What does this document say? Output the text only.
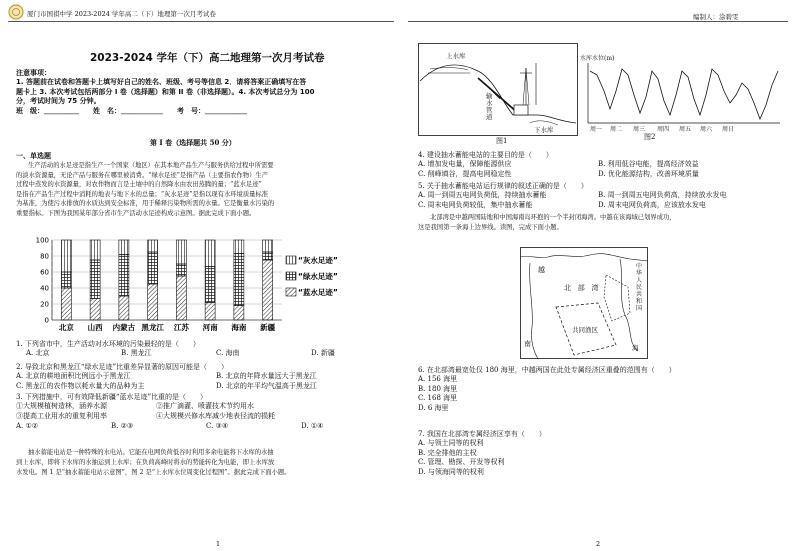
厦门市国祺中学 2023-2024 学年高二（下）地理第一次月考试卷	编制人：涂碧雯
2023-2024 学年（下）高二地理第一次月考试卷
注意事项：
1. 答题前在试卷和答题卡上填写好自己的姓名、班级、考号等信息 2．请将答案正确填写在答
题卡上 3. 本次考试包括两部分 I 卷（选择题）和第 II 卷（非选择题）。4. 本次考试总分为 100
分，考试时间为 75 分钟。
班　级：＿＿＿＿＿　　姓　名：＿＿＿＿＿＿　　考　号：＿＿＿＿＿＿
第 I 卷（选择题共 50 分）
一、单选题
生产活动的水足迹是指生产一个国家（地区）在其本地产品生产与服务供给过程中所需要
的淡水资源量，无论产品与服务在哪里被消费。“绿水足迹”是指产品（主要指农作物）生产
过程中蒸发的水资源量，对农作物而言是土壤中的自然降水由农田蒸腾的量；“蓝水足迹”
是指在产品生产过程中消耗的地表与地下水的总量；“灰水足迹”是指以现有水环境质量标准
为基准，为使污水排放的水质达到安全标准，用于稀释污染物所需的水量。它是衡量水污染的
重要指标。下图为我国某年部分省市生产活动水足迹构成示意图。据此完成下面小题。
0
20
40
60
80
100
北京 山西 内蒙古 黑龙江 江苏 河南 海南 新疆
“灰水足迹”
“绿水足迹”
“蓝水足迹”
1. 下列省市中，生产活动对水环境的污染最轻的是（　　）
A. 北京	B. 黑龙江	C. 海南	D. 新疆
2. 导致北京和黑龙江“绿水足迹”比重差异显著的原因可能是（　　）
A. 北京的耕地面积比例远小于黑龙江	B. 北京的年降水量远大于黑龙江
C. 黑龙江的农作物以耗水量大的品种为主	D. 北京的年平均气温高于黑龙江
3. 下列措施中，可有效降低新疆“蓝水足迹”比重的是（　　）
①大规模植树造林，涵养水源	②推广滴灌、喷灌技术节约用水
③提高工业用水的重复利用率	④大规模兴修水库减少地表径流的损耗
A. ①②	B. ②③	C. ③④	D. ①④
抽水蓄能电站是一种特殊的水电站。它能在电网负荷低谷时利用多余电能将下水库的水抽
到上水库，即将下水库的水抽运到上水库；在负荷高峰时将水的势能转化为电能，即上水库放
水发电。图 1 是“抽水蓄能电站示意图”，图 2 是“上水库水位周变化过程图”。据此完成下面小题。
1
上水库
下水库
输水管道
图1
水库水位(m)
周一 周二 周三 周四 周五 周六 周日
图2
4. 建设抽水蓄能电站的主要目的是（　　）
A. 增加发电量，保障能源供应	B. 利用低谷电能，提高经济效益
C. 削峰填谷，提高电网稳定性	D. 优化能源结构，改善环境质量
5. 关于抽水蓄能电站运行规律的叙述正确的是（　　）
A. 周一到周五电网负荷低，持续抽水蓄能	B. 周一到周五电网负荷高，持续放水发电
C. 周末电网负荷较低，集中抽水蓄能	D. 周末电网负荷高，应该放水发电
北部湾是中越两国陆地和中国海南岛环抱的一个半封闭海湾。中越在该海域已划界成功，
这是我国第一条海上边界线。读图，完成下面小题。
越
南
中
华
人
民
共
和
国
北 部 湾
共同渔区
海
6. 在北部湾最宽处仅 180 海里，中越两国在此处专属经济区重叠的范围有（　　）
A. 156 海里
B. 180 海里
C. 168 海里
D. 6 海里
7. 我国在北部湾专属经济区享有（　　）
A. 与领土同等的权利
B. 完全排他的主权
C. 管理、勘探、开发等权利
D. 与领海同等的权利
2
